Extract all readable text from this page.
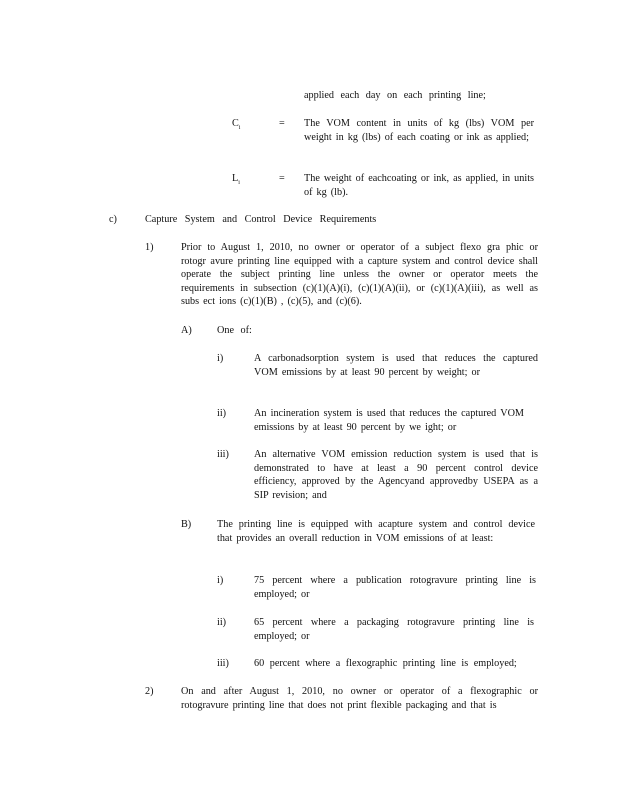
applied each day on each printing line;

$C_i$	= The VOM content in units of kg (lbs) VOM per weight in kg (lbs) of each coating or ink as applied;

$L_i$	= The weight of eachcoating or ink, as applied, in units of kg (lb).

c)	Capture System and Control Device Requirements

1)	Prior to August 1, 2010, no owner or operator of a subject flexo gra phic or rotogr avure printing line equipped with a capture system and control device shall operate the subject printing line unless the owner or operator meets the requirements in subsection (c)(1)(A)(i), (c)(1)(A)(ii), or (c)(1)(A)(iii), as well as subs ect ions (c)(1)(B) , (c)(5), and (c)(6).

A) One of:

i)	A carbonadsorption system is used that reduces the captured VOM emissions by at least 90 percent by weight; or

ii)	An incineration system is used that reduces the captured VOM emissions by at least 90 percent by we ight; or

iii) An alternative VOM emission reduction system is used that is demonstrated to have at least a 90 percent control device efficiency, approved by the Agencyand approvedby USEPA as a SIP revision; and

B)	The printing line is equipped with acapture system and control device that provides an overall reduction in VOM emissions of at least:

i)	75 percent where a publication rotogravure printing line is employed; or

ii)	65 percent where a packaging rotogravure printing line is employed; or

iii) 60 percent where a flexographic printing line is employed;

2)	On and after August 1, 2010, no owner or operator of a flexographic or rotogravure printing line that does not print flexible packaging and that is
